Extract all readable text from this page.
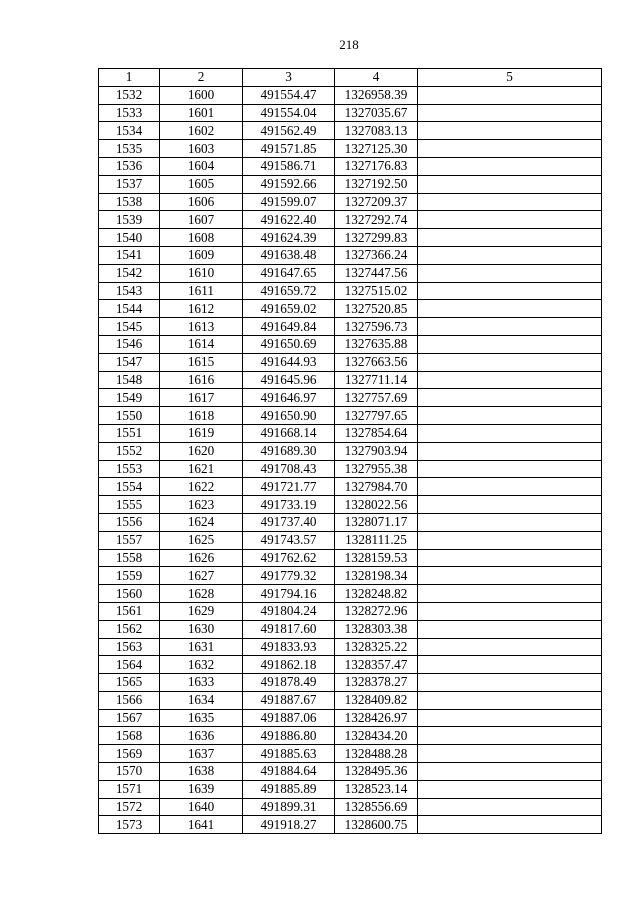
218
1	2	3	4	5
1532	1600	491554.47	1326958.39	
1533	1601	491554.04	1327035.67	
1534	1602	491562.49	1327083.13	
1535	1603	491571.85	1327125.30	
1536	1604	491586.71	1327176.83	
1537	1605	491592.66	1327192.50	
1538	1606	491599.07	1327209.37	
1539	1607	491622.40	1327292.74	
1540	1608	491624.39	1327299.83	
1541	1609	491638.48	1327366.24	
1542	1610	491647.65	1327447.56	
1543	1611	491659.72	1327515.02	
1544	1612	491659.02	1327520.85	
1545	1613	491649.84	1327596.73	
1546	1614	491650.69	1327635.88	
1547	1615	491644.93	1327663.56	
1548	1616	491645.96	1327711.14	
1549	1617	491646.97	1327757.69	
1550	1618	491650.90	1327797.65	
1551	1619	491668.14	1327854.64	
1552	1620	491689.30	1327903.94	
1553	1621	491708.43	1327955.38	
1554	1622	491721.77	1327984.70	
1555	1623	491733.19	1328022.56	
1556	1624	491737.40	1328071.17	
1557	1625	491743.57	1328111.25	
1558	1626	491762.62	1328159.53	
1559	1627	491779.32	1328198.34	
1560	1628	491794.16	1328248.82	
1561	1629	491804.24	1328272.96	
1562	1630	491817.60	1328303.38	
1563	1631	491833.93	1328325.22	
1564	1632	491862.18	1328357.47	
1565	1633	491878.49	1328378.27	
1566	1634	491887.67	1328409.82	
1567	1635	491887.06	1328426.97	
1568	1636	491886.80	1328434.20	
1569	1637	491885.63	1328488.28	
1570	1638	491884.64	1328495.36	
1571	1639	491885.89	1328523.14	
1572	1640	491899.31	1328556.69	
1573	1641	491918.27	1328600.75	
